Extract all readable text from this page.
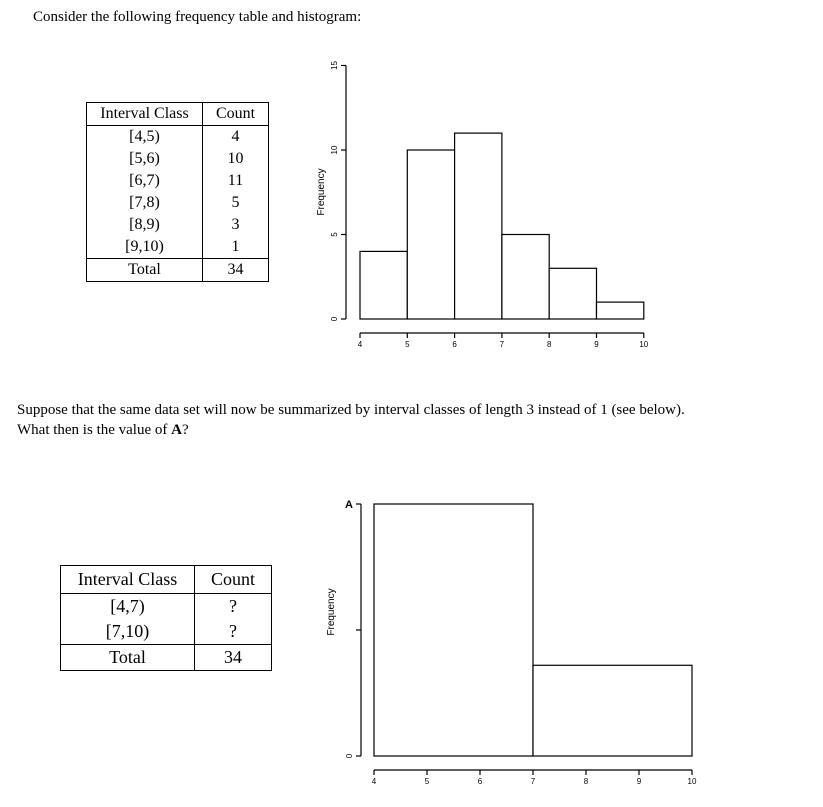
Consider the following frequency table and histogram:

Interval Class	Count
[4,5)	4
[5,6)	10
[6,7)	11
[7,8)	5
[8,9)	3
[9,10)	1
Total	34
4	5	6	7	8	9	10
0
5
10
15
Frequency

Suppose that the same data set will now be summarized by interval classes of length 3 instead of 1 (see below). What then is the value of A?

Interval Class	Count
[4,7)	?
[7,10)	?
Total	34
4	5	6	7	8	9	10
0
A
Frequency
